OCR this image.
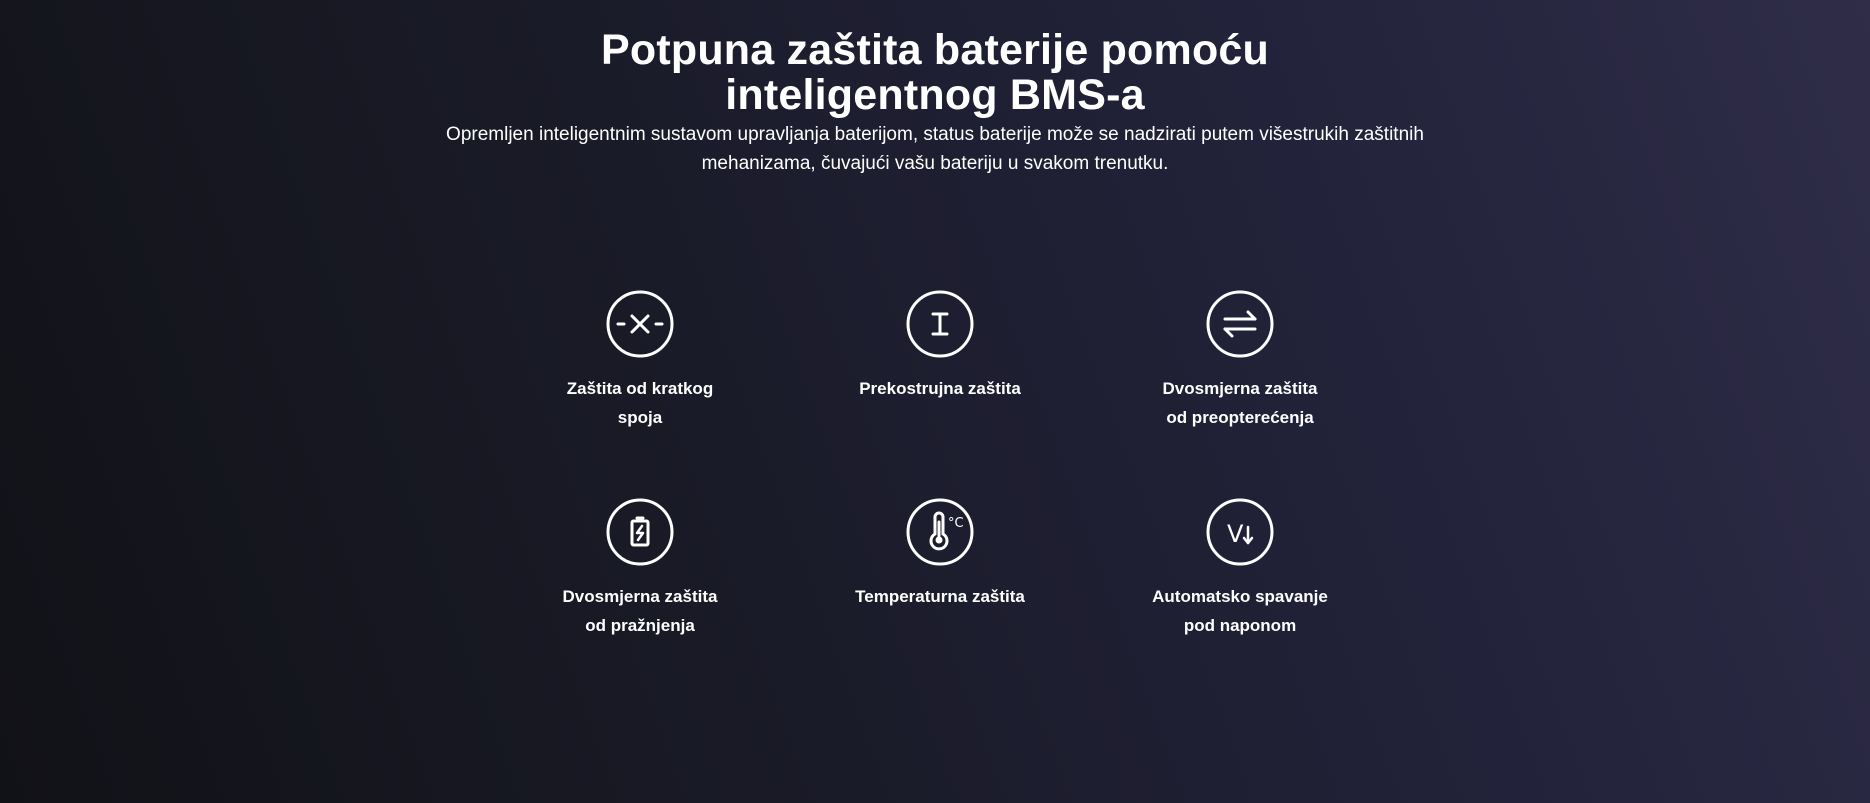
Potpuna zaštita baterije pomoću inteligentnog BMS-a

Opremljen inteligentnim sustavom upravljanja baterijom, status baterije može se nadzirati putem višestrukih zaštitnih mehanizama, čuvajući vašu bateriju u svakom trenutku.

Zaštita od kratkog
spoja
Prekostrujna zaštita	Dvosmjerna zaštita
od preopterećenja
Dvosmjerna zaštita
od pražnjenja
°C
Temperaturna zaštita
V
Automatsko spavanje
pod naponom
